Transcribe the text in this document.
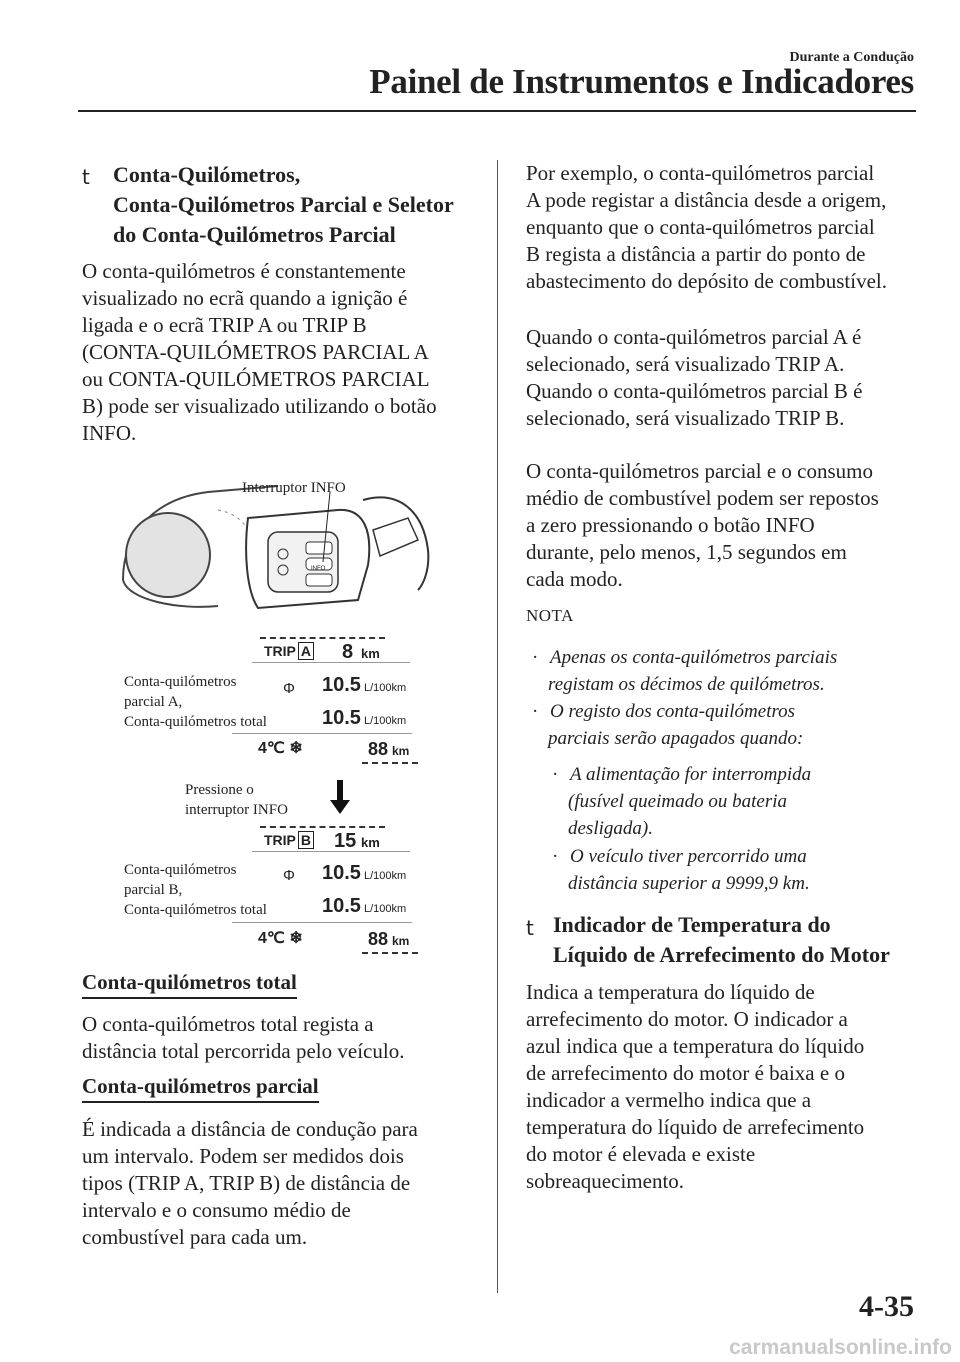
Durante a Condução
Painel de Instrumentos e Indicadores
t Conta-Quilómetros,
Conta-Quilómetros Parcial e Seletor
do Conta-Quilómetros Parcial
O conta-quilómetros é constantemente
visualizado no ecrã quando a ignição é
ligada e o ecrã TRIP A ou TRIP B
(CONTA-QUILÓMETROS PARCIAL A
ou CONTA-QUILÓMETROS PARCIAL
B) pode ser visualizado utilizando o botão
INFO.
Interruptor INFO
INFO
TRIP A 8 km
Conta-quilómetros
parcial A,
Conta-quilómetros total
Φ 10.5 L/100km
10.5 L/100km
4℃ ❄	88 km
Pressione o
interruptor INFO
TRIP B 15 km
Conta-quilómetros
parcial B,
Conta-quilómetros total
Φ 10.5 L/100km
10.5 L/100km
4℃ ❄	88 km
Conta-quilómetros total
O conta-quilómetros total regista a
distância total percorrida pelo veículo.
Conta-quilómetros parcial
É indicada a distância de condução para
um intervalo. Podem ser medidos dois
tipos (TRIP A, TRIP B) de distância de
intervalo e o consumo médio de
combustível para cada um.
Por exemplo, o conta-quilómetros parcial
A pode registar a distância desde a origem,
enquanto que o conta-quilómetros parcial
B regista a distância a partir do ponto de
abastecimento do depósito de combustível.
Quando o conta-quilómetros parcial A é
selecionado, será visualizado TRIP A.
Quando o conta-quilómetros parcial B é
selecionado, será visualizado TRIP B.
O conta-quilómetros parcial e o consumo
médio de combustível podem ser repostos
a zero pressionando o botão INFO
durante, pelo menos, 1,5 segundos em
cada modo.
NOTA
· Apenas os conta-quilómetros parciais
registam os décimos de quilómetros.
· O registo dos conta-quilómetros
parciais serão apagados quando:
· A alimentação for interrompida
(fusível queimado ou bateria
desligada).
· O veículo tiver percorrido uma
distância superior a 9999,9 km.
t Indicador de Temperatura do
Líquido de Arrefecimento do Motor
Indica a temperatura do líquido de
arrefecimento do motor. O indicador a
azul indica que a temperatura do líquido
de arrefecimento do motor é baixa e o
indicador a vermelho indica que a
temperatura do líquido de arrefecimento
do motor é elevada e existe
sobreaquecimento.
4-35
carmanualsonline.info
